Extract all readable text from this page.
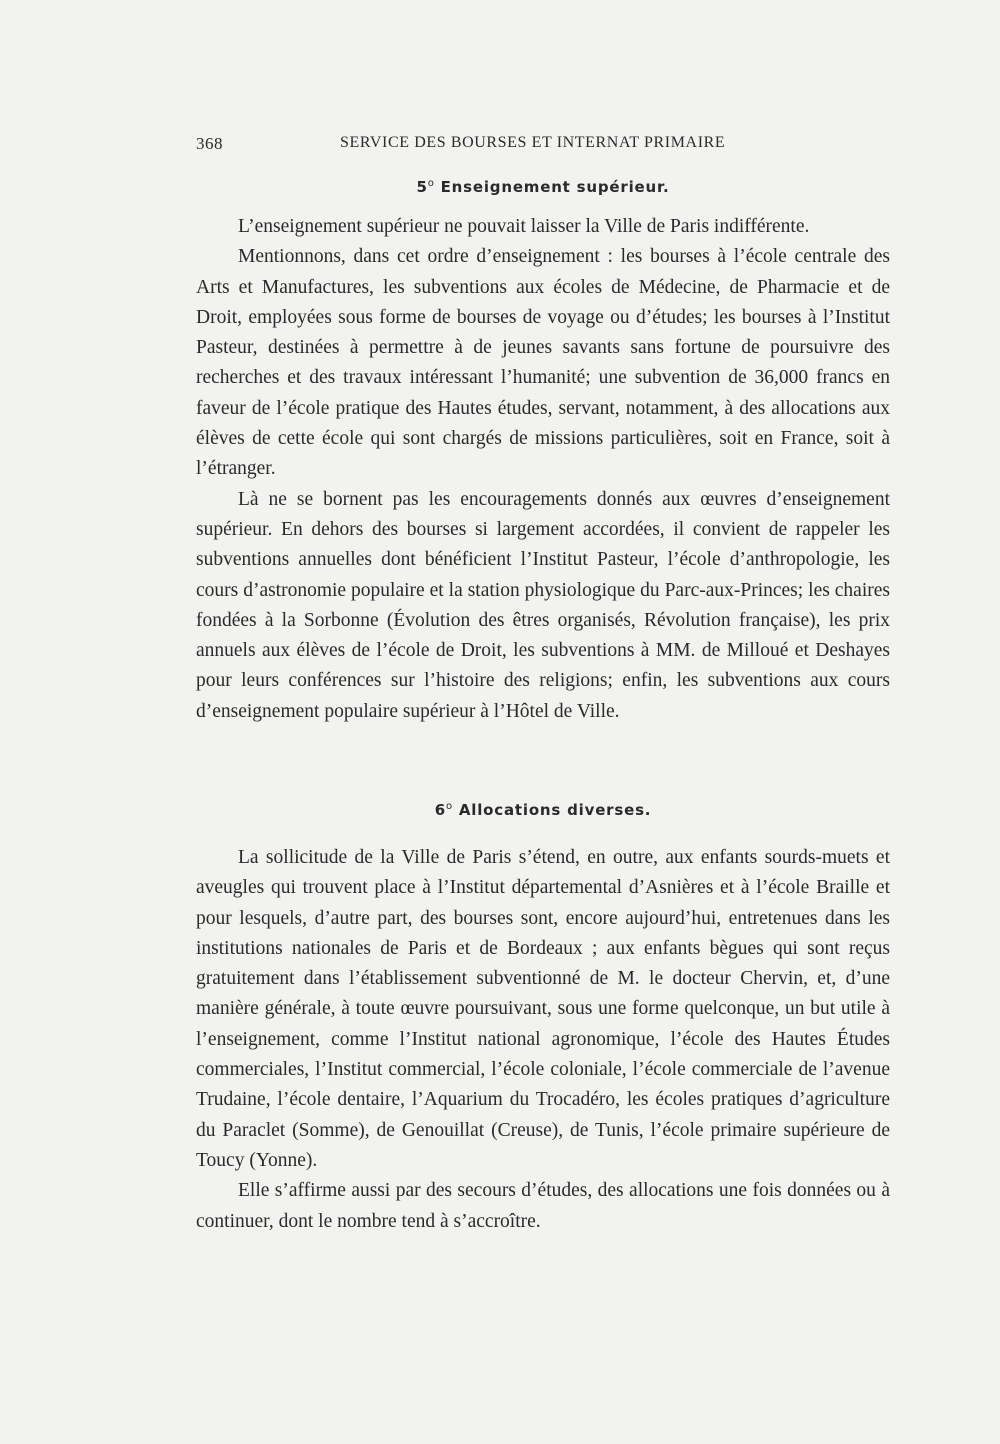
368	SERVICE DES BOURSES ET INTERNAT PRIMAIRE
5$^o$ Enseignement supérieur.

L’enseignement supérieur ne pouvait laisser la Ville de Paris indifférente.

Mentionnons, dans cet ordre d’enseignement : les bourses à l’école centrale des Arts et Manufactures, les subventions aux écoles de Médecine, de Pharmacie et de Droit, employées sous forme de bourses de voyage ou d’études; les bourses à l’Institut Pasteur, destinées à permettre à de jeunes savants sans fortune de poursuivre des recherches et des travaux intéressant l’humanité; une subvention de 36,000 francs en faveur de l’école pratique des Hautes études, servant, notamment, à des allocations aux élèves de cette école qui sont chargés de missions particulières, soit en France, soit à l’étranger.

Là ne se bornent pas les encouragements donnés aux œuvres d’enseignement supérieur. En dehors des bourses si largement accordées, il convient de rappeler les subventions annuelles dont bénéficient l’Institut Pasteur, l’école d’anthropologie, les cours d’astronomie populaire et la station physiologique du Parc-aux-Princes; les chaires fondées à la Sorbonne (Évolution des êtres organisés, Révolution française), les prix annuels aux élèves de l’école de Droit, les subventions à MM. de Milloué et Deshayes pour leurs conférences sur l’histoire des religions; enfin, les subventions aux cours d’enseignement populaire supérieur à l’Hôtel de Ville.

6$^o$ Allocations diverses.

La sollicitude de la Ville de Paris s’étend, en outre, aux enfants sourds-muets et aveugles qui trouvent place à l’Institut départemental d’Asnières et à l’école Braille et pour lesquels, d’autre part, des bourses sont, encore aujourd’hui, entretenues dans les institutions nationales de Paris et de Bordeaux ; aux enfants bègues qui sont reçus gratuitement dans l’établissement subventionné de M. le docteur Chervin, et, d’une manière générale, à toute œuvre poursuivant, sous une forme quelconque, un but utile à l’enseignement, comme l’Institut national agronomique, l’école des Hautes Études commerciales, l’Institut commercial, l’école coloniale, l’école commerciale de l’avenue Trudaine, l’école dentaire, l’Aquarium du Trocadéro, les écoles pratiques d’agriculture du Paraclet (Somme), de Genouillat (Creuse), de Tunis, l’école primaire supérieure de Toucy (Yonne).

Elle s’affirme aussi par des secours d’études, des allocations une fois données ou à continuer, dont le nombre tend à s’accroître.
